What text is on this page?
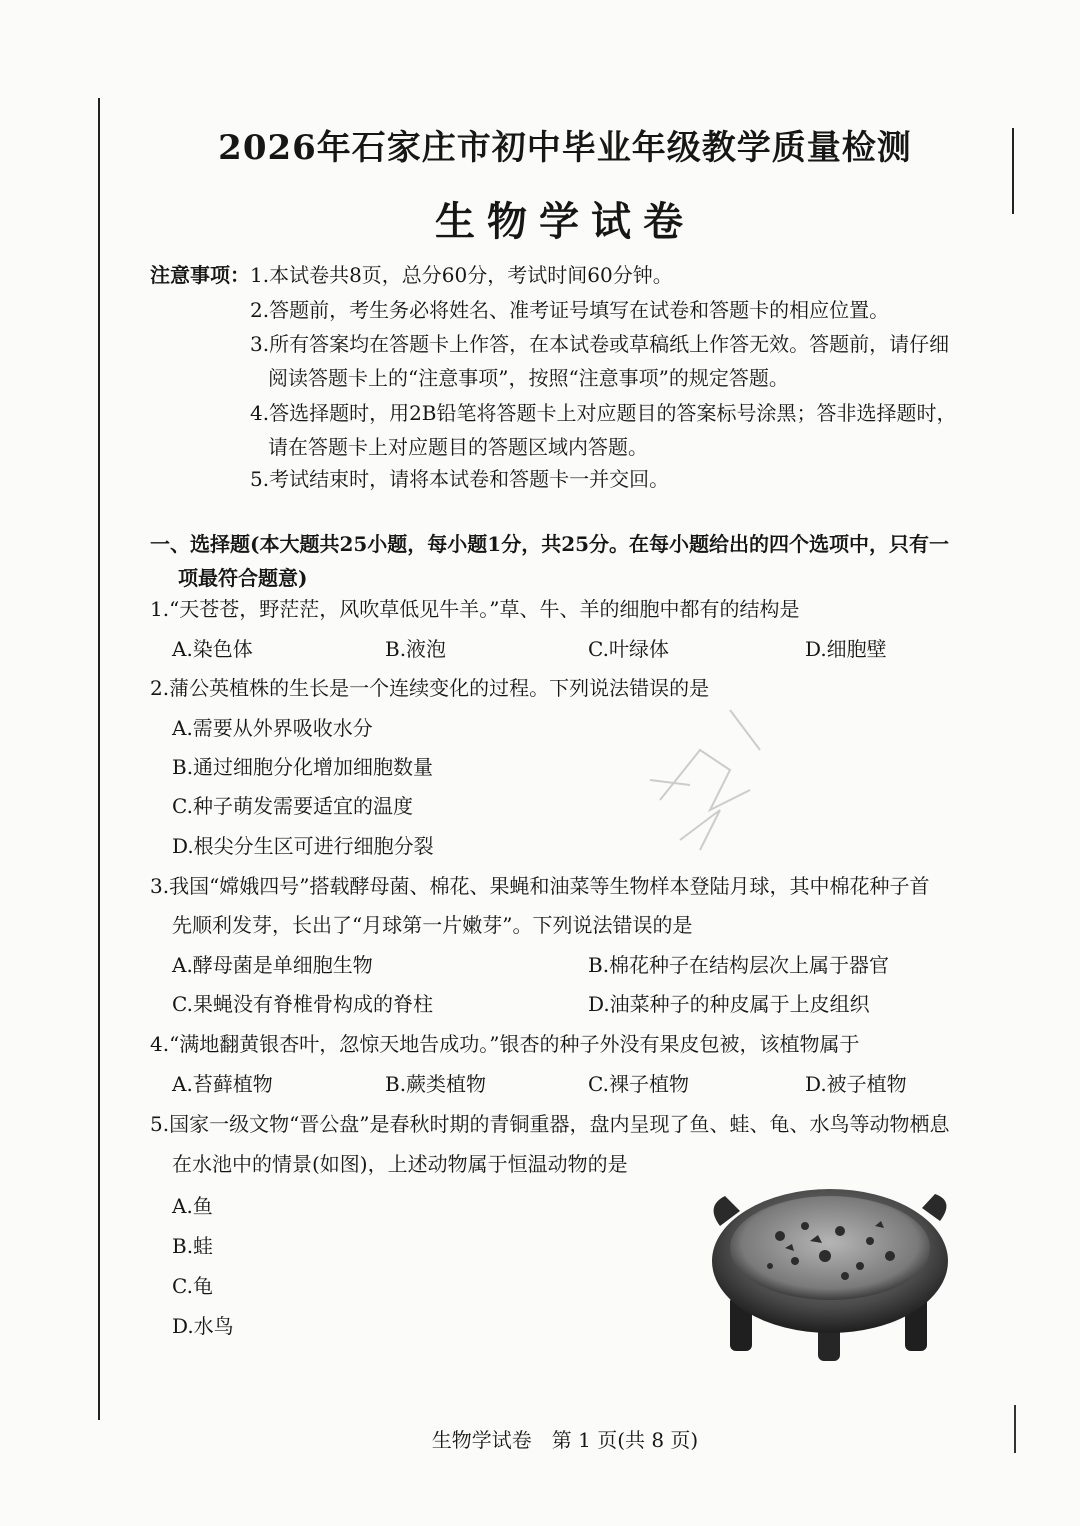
2026年石家庄市初中毕业年级教学质量检测
生物学试卷
注意事项： 1.本试卷共8页，总分60分，考试时间60分钟。
2.答题前，考生务必将姓名、准考证号填写在试卷和答题卡的相应位置。
3.所有答案均在答题卡上作答，在本试卷或草稿纸上作答无效。答题前，请仔细
阅读答题卡上的“注意事项”，按照“注意事项”的规定答题。
4.答选择题时，用2B铅笔将答题卡上对应题目的答案标号涂黑；答非选择题时，
请在答题卡上对应题目的答题区域内答题。
5.考试结束时，请将本试卷和答题卡一并交回。
一、选择题(本大题共25小题，每小题1分，共25分。在每小题给出的四个选项中，只有一
项最符合题意)
1.“天苍苍，野茫茫，风吹草低见牛羊。”草、牛、羊的细胞中都有的结构是
A.染色体	B.液泡	C.叶绿体	D.细胞壁
2.蒲公英植株的生长是一个连续变化的过程。下列说法错误的是
A.需要从外界吸收水分
B.通过细胞分化增加细胞数量
C.种子萌发需要适宜的温度
D.根尖分生区可进行细胞分裂
3.我国“嫦娥四号”搭载酵母菌、棉花、果蝇和油菜等生物样本登陆月球，其中棉花种子首
先顺利发芽，长出了“月球第一片嫩芽”。下列说法错误的是
A.酵母菌是单细胞生物	B.棉花种子在结构层次上属于器官
C.果蝇没有脊椎骨构成的脊柱	D.油菜种子的种皮属于上皮组织
4.“满地翻黄银杏叶，忽惊天地告成功。”银杏的种子外没有果皮包被，该植物属于
A.苔藓植物	B.蕨类植物	C.裸子植物	D.被子植物
5.国家一级文物“晋公盘”是春秋时期的青铜重器，盘内呈现了鱼、蛙、龟、水鸟等动物栖息
在水池中的情景(如图)，上述动物属于恒温动物的是
A.鱼
B.蛙
C.龟
D.水鸟
生物学试卷　第 1 页(共 8 页)
